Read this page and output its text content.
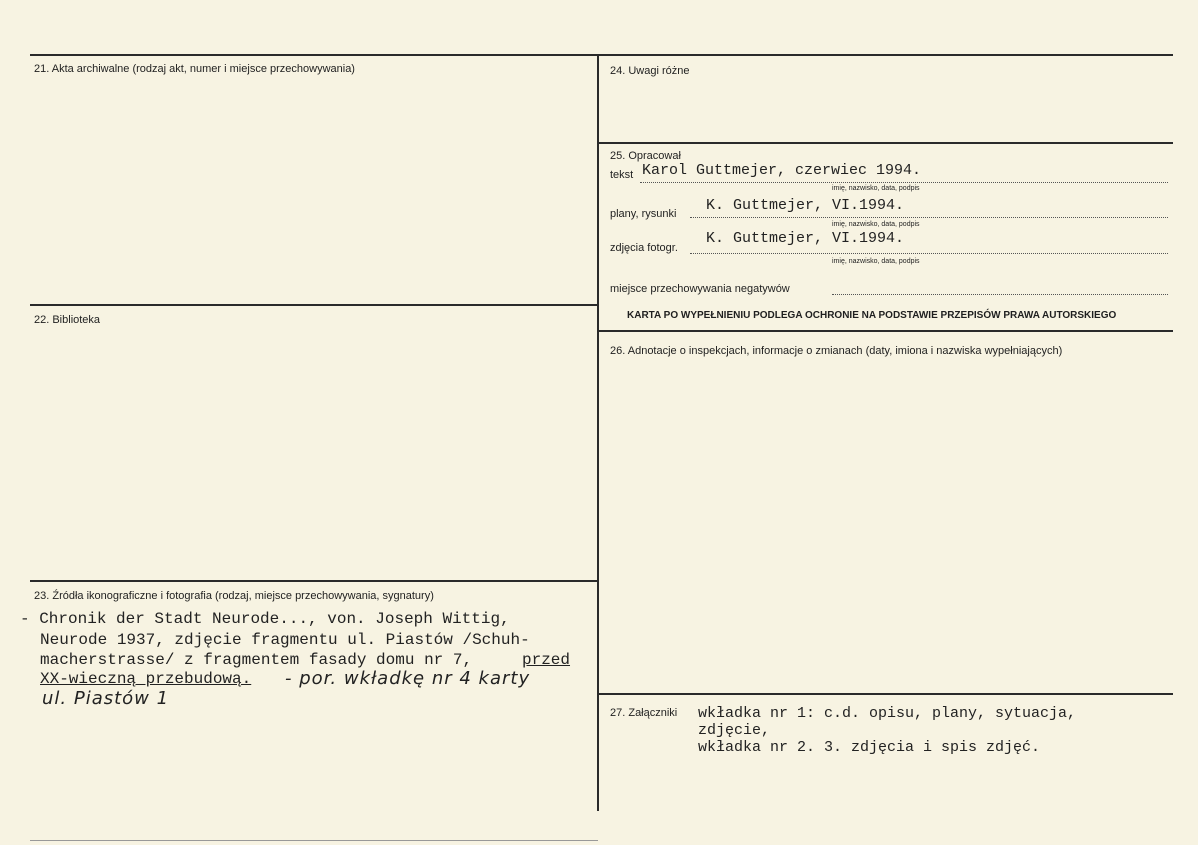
21. Akta archiwalne (rodzaj akt, numer i miejsce przechowywania)
22. Biblioteka
23. Źródła ikonograficzne i fotografia (rodzaj, miejsce przechowywania, sygnatury)
- Chronik der Stadt Neurode..., von. Joseph Wittig,
Neurode 1937, zdjęcie fragmentu ul. Piastów /Schuh-
macherstrasse/ z fragmentem fasady domu nr 7,	przed
XX-wieczną przebudową. - por. wkładkę nr 4 karty
ul. Piastów 1
24. Uwagi różne
25. Opracował
tekst Karol Guttmejer, czerwiec 1994.
imię, nazwisko, data, podpis
plany, rysunki K. Guttmejer, VI.1994.
imię, nazwisko, data, podpis
zdjęcia fotogr.
K. Guttmejer, VI.1994.
imię, nazwisko, data, podpis
miejsce przechowywania negatywów
KARTA PO WYPEŁNIENIU PODLEGA OCHRONIE NA PODSTAWIE PRZEPISÓW PRAWA AUTORSKIEGO
26. Adnotacje o inspekcjach, informacje o zmianach (daty, imiona i nazwiska wypełniających)
27. Załączniki wkładka nr 1: c.d. opisu, plany, sytuacja,
zdjęcie,
wkładka nr 2. 3. zdjęcia i spis zdjęć.
